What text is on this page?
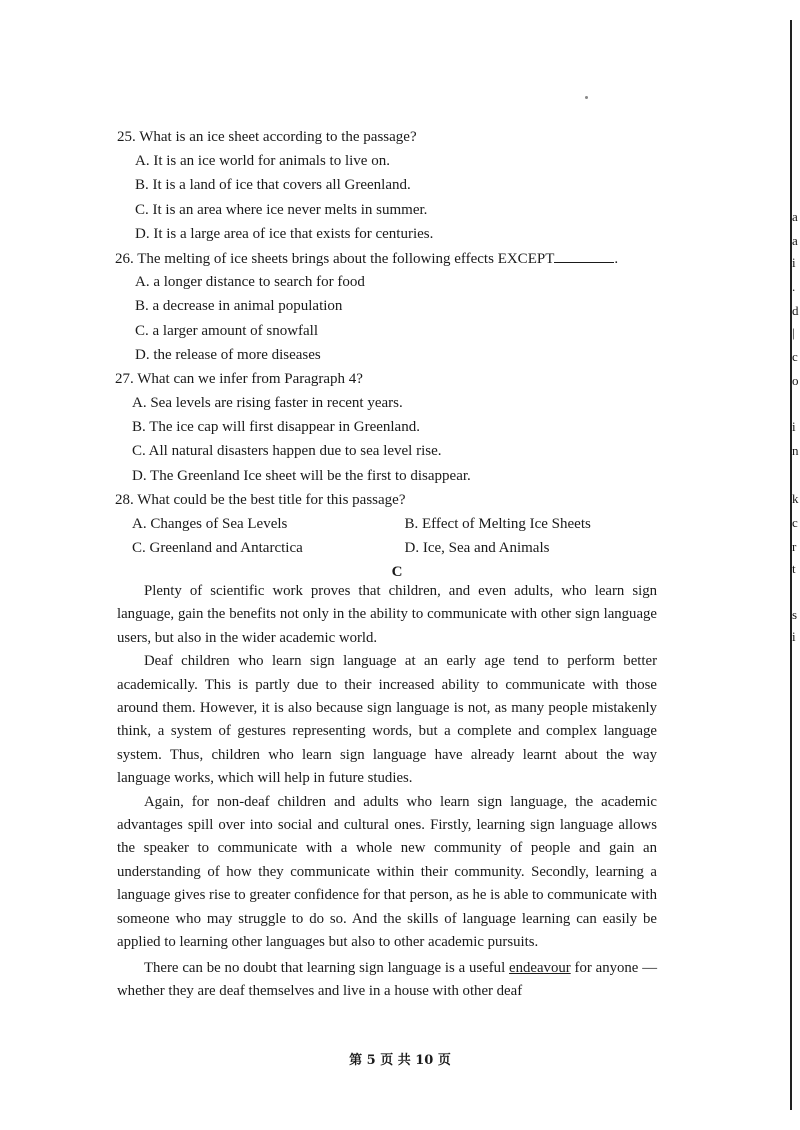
a
a
i
.
d
|
c
o
i
n
k
c
r
t
s
i
25. What is an ice sheet according to the passage?
A. It is an ice world for animals to live on.
B. It is a land of ice that covers all Greenland.
C. It is an area where ice never melts in summer.
D. It is a large area of ice that exists for centuries.
26. The melting of ice sheets brings about the following effects EXCEPT	.
A. a longer distance to search for food
B. a decrease in animal population
C. a larger amount of snowfall
D. the release of more diseases
27. What can we infer from Paragraph 4?
A. Sea levels are rising faster in recent years.
B. The ice cap will first disappear in Greenland.
C. All natural disasters happen due to sea level rise.
D. The Greenland Ice sheet will be the first to disappear.
28. What could be the best title for this passage?
A. Changes of Sea Levels	B. Effect of Melting Ice Sheets
C. Greenland and Antarctica	D. Ice, Sea and Animals
C

Plenty of scientific work proves that children, and even adults, who learn sign language, gain the benefits not only in the ability to communicate with other sign language users, but also in the wider academic world.

Deaf children who learn sign language at an early age tend to perform better academically. This is partly due to their increased ability to communicate with those around them. However, it is also because sign language is not, as many people mistakenly think, a system of gestures representing words, but a complete and complex language system. Thus, children who learn sign language have already learnt about the way language works, which will help in future studies.

Again, for non-deaf children and adults who learn sign language, the academic advantages spill over into social and cultural ones. Firstly, learning sign language allows the speaker to communicate with a whole new community of people and gain an understanding of how they communicate within their community. Secondly, learning a language gives rise to greater confidence for that person, as he is able to communicate with someone who may struggle to do so. And the skills of language learning can easily be applied to learning other languages but also to other academic pursuits.

There can be no doubt that learning sign language is a useful endeavour for anyone — whether they are deaf themselves and live in a house with other deaf

第 5 页 共 10 页
